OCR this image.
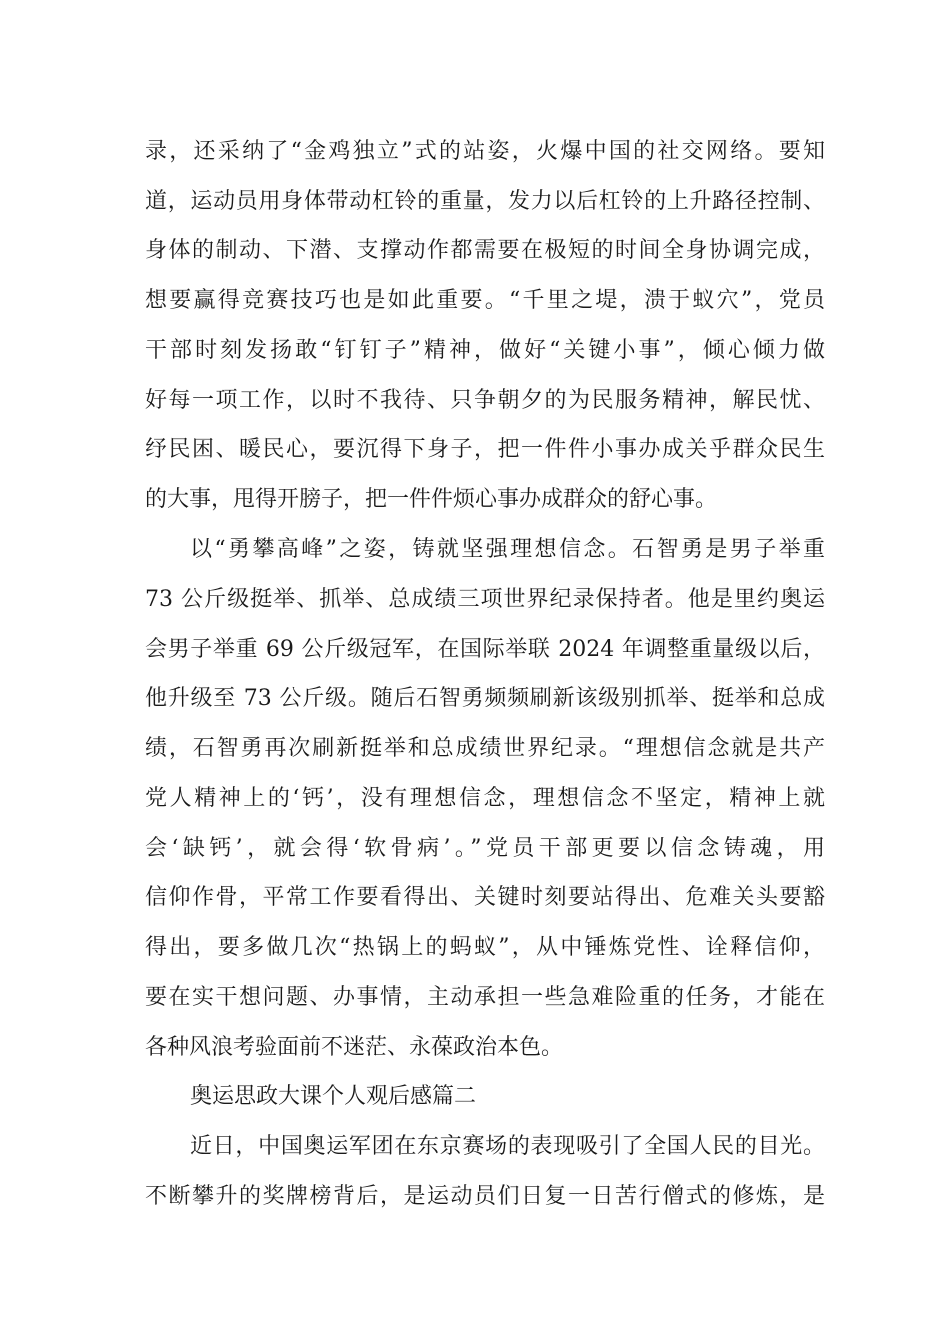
录，还采纳了“金鸡独立”式的站姿，火爆中国的社交网络。要知
道，运动员用身体带动杠铃的重量，发力以后杠铃的上升路径控制、
身体的制动、下潜、支撑动作都需要在极短的时间全身协调完成，
想要赢得竞赛技巧也是如此重要。“千里之堤，溃于蚁穴”，党员
干部时刻发扬敢“钉钉子”精神，做好“关键小事”，倾心倾力做
好每一项工作，以时不我待、只争朝夕的为民服务精神，解民忧、
纾民困、暖民心，要沉得下身子，把一件件小事办成关乎群众民生
的大事，甩得开膀子，把一件件烦心事办成群众的舒心事。
以“勇攀高峰”之姿，铸就坚强理想信念。石智勇是男子举重
73 公斤级挺举、抓举、总成绩三项世界纪录保持者。他是里约奥运
会男子举重 69 公斤级冠军，在国际举联 2024 年调整重量级以后，
他升级至 73 公斤级。随后石智勇频频刷新该级别抓举、挺举和总成
绩，石智勇再次刷新挺举和总成绩世界纪录。“理想信念就是共产
党人精神上的‘钙’，没有理想信念，理想信念不坚定，精神上就
会‘缺钙’，就会得‘软骨病’。”党员干部更要以信念铸魂，用
信仰作骨，平常工作要看得出、关键时刻要站得出、危难关头要豁
得出，要多做几次“热锅上的蚂蚁”，从中锤炼党性、诠释信仰，
要在实干想问题、办事情，主动承担一些急难险重的任务，才能在
各种风浪考验面前不迷茫、永葆政治本色。
奥运思政大课个人观后感篇二
近日，中国奥运军团在东京赛场的表现吸引了全国人民的目光。
不断攀升的奖牌榜背后，是运动员们日复一日苦行僧式的修炼，是
